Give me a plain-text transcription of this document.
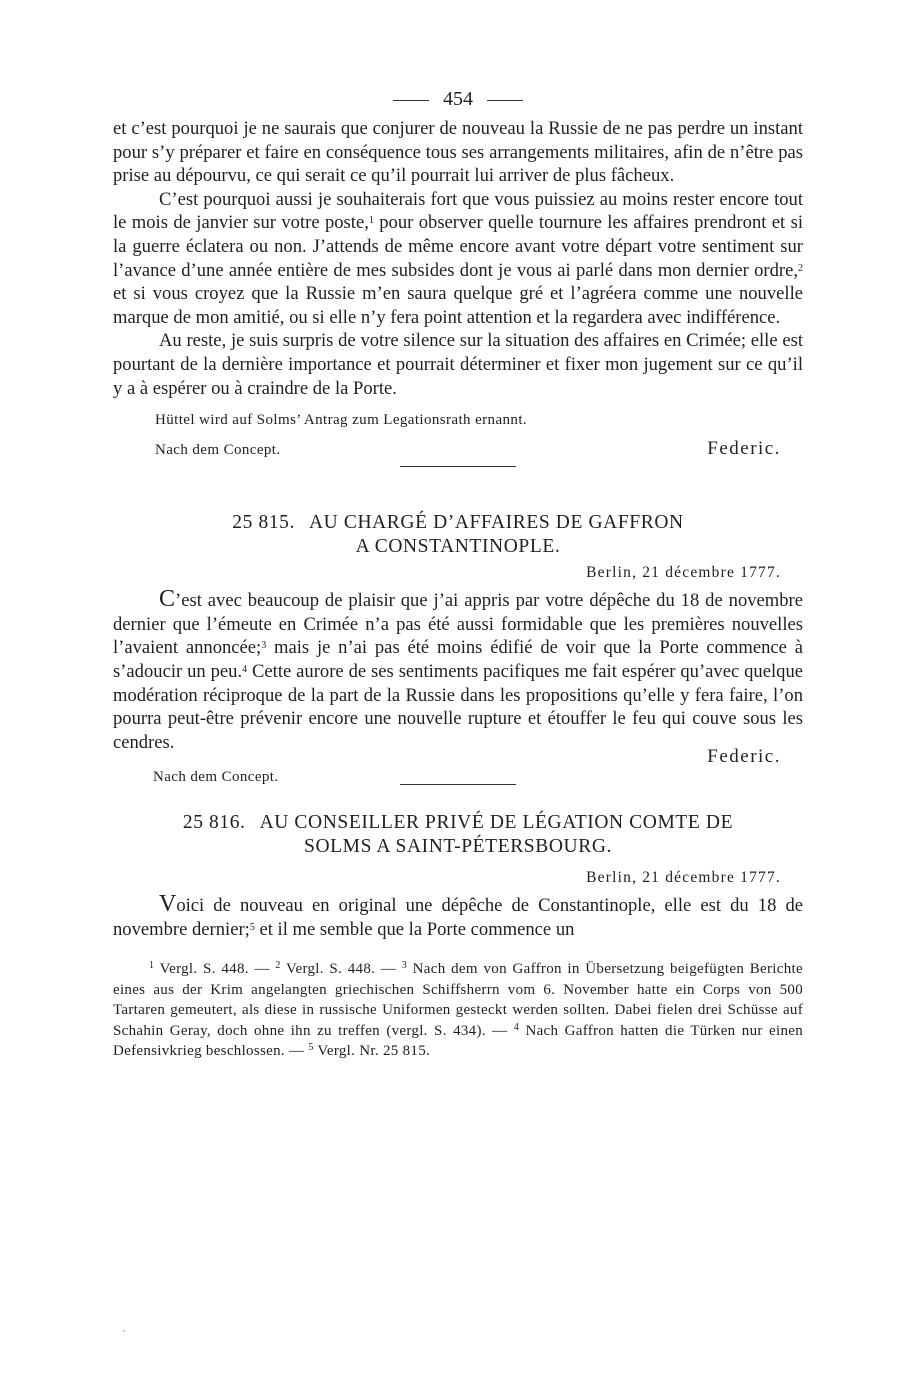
454

et c’est pourquoi je ne saurais que conjurer de nouveau la Russie de ne pas perdre un instant pour s’y préparer et faire en conséquence tous ses arrangements militaires, afin de n’être pas prise au dépourvu, ce qui serait ce qu’il pourrait lui arriver de plus fâcheux.

C’est pourquoi aussi je souhaiterais fort que vous puissiez au moins rester encore tout le mois de janvier sur votre poste,$^1$ pour observer quelle tournure les affaires prendront et si la guerre éclatera ou non. J’attends de même encore avant votre départ votre sentiment sur l’avance d’une année entière de mes subsides dont je vous ai parlé dans mon dernier ordre,$^2$ et si vous croyez que la Russie m’en saura quelque gré et l’agréera comme une nouvelle marque de mon amitié, ou si elle n’y fera point attention et la regardera avec indifférence.

Au reste, je suis surpris de votre silence sur la situation des affaires en Crimée; elle est pourtant de la dernière importance et pourrait déterminer et fixer mon jugement sur ce qu’il y a à espérer ou à craindre de la Porte.

Hüttel wird auf Solms’ Antrag zum Legationsrath ernannt.
Nach dem Concept.	Federic.
25 815. AU CHARGÉ D’AFFAIRES DE GAFFRON
A CONSTANTINOPLE.
Berlin, 21 décembre 1777.

C’est avec beaucoup de plaisir que j’ai appris par votre dépêche du 18 de novembre dernier que l’émeute en Crimée n’a pas été aussi formidable que les premières nouvelles l’avaient annoncée;$^3$ mais je n’ai pas été moins édifié de voir que la Porte commence à s’adoucir un peu.$^4$ Cette aurore de ses sentiments pacifiques me fait espérer qu’avec quelque modération réciproque de la part de la Russie dans les propositions qu’elle y fera faire, l’on pourra peut-être prévenir encore une nouvelle rupture et étouffer le feu qui couve sous les cendres.

Federic.
Nach dem Concept.
25 816. AU CONSEILLER PRIVÉ DE LÉGATION COMTE DE
SOLMS A SAINT-PÉTERSBOURG.
Berlin, 21 décembre 1777.

Voici de nouveau en original une dépêche de Constantinople, elle est du 18 de novembre dernier;$^5$ et il me semble que la Porte commence un

$^1$ Vergl. S. 448. — $^2$ Vergl. S. 448. — $^3$ Nach dem von Gaffron in Übersetzung beigefügten Berichte eines aus der Krim angelangten griechischen Schiffsherrn vom 6. November hatte ein Corps von 500 Tartaren gemeutert, als diese in russische Uniformen gesteckt werden sollten. Dabei fielen drei Schüsse auf Schahin Geray, doch ohne ihn zu treffen (vergl. S. 434). — $^4$ Nach Gaffron hatten die Türken nur einen Defensivkrieg beschlossen. — $^5$ Vergl. Nr. 25 815.
